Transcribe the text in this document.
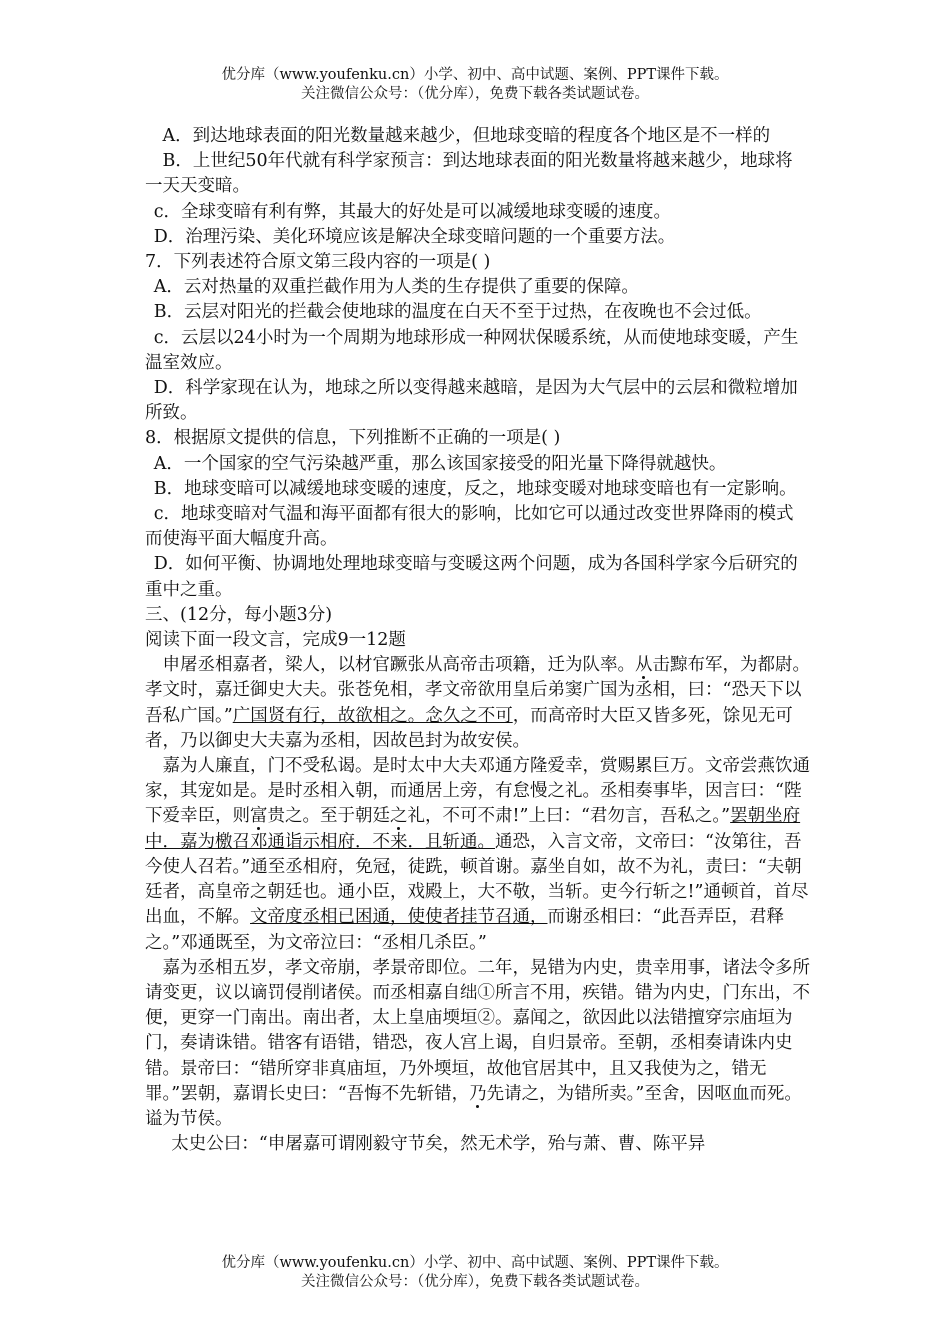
优分库（www.youfenku.cn）小学、初中、高中试题、案例、PPT课件下载。
关注微信公众号：（优分库），免费下载各类试题试卷。

A．到达地球表面的阳光数量越来越少，但地球变暗的程度各个地区是不一样的

B．上世纪50年代就有科学家预言：到达地球表面的阳光数量将越来越少，地球将一天天变暗。

c．全球变暗有利有弊，其最大的好处是可以减缓地球变暖的速度。

D．治理污染、美化环境应该是解决全球变暗问题的一个重要方法。

7．下列表述符合原文第三段内容的一项是( )

A．云对热量的双重拦截作用为人类的生存提供了重要的保障。

B．云层对阳光的拦截会使地球的温度在白天不至于过热，在夜晚也不会过低。

c．云层以24小时为一个周期为地球形成一种网状保暖系统，从而使地球变暖，产生温室效应。

D．科学家现在认为，地球之所以变得越来越暗，是因为大气层中的云层和微粒增加所致。

8．根据原文提供的信息，下列推断不正确的一项是( )

A．一个国家的空气污染越严重，那么该国家接受的阳光量下降得就越快。

B．地球变暗可以减缓地球变暖的速度，反之，地球变暖对地球变暗也有一定影响。

c．地球变暗对气温和海平面都有很大的影响，比如它可以通过改变世界降雨的模式而使海平面大幅度升高。

D．如何平衡、协调地处理地球变暗与变暖这两个问题，成为各国科学家今后研究的重中之重。

三、(12分，每小题3分)

阅读下面一段文言，完成9一12题

申屠丞相嘉者，梁人，以材官蹶张从高帝击项籍，迁为队率。从击黥布军，为都尉。孝文时，嘉迁御史大夫。张苍免相，孝文帝欲用皇后弟窦广国为丞相，曰：“恐天下以吾私广国。”广国贤有行，故欲相之。念久之不可，而高帝时大臣又皆多死，馀见无可者，乃以御史大夫嘉为丞相，因故邑封为故安侯。

嘉为人廉直，门不受私谒。是时太中大夫邓通方隆爱幸，赏赐累巨万。文帝尝燕饮通家，其宠如是。是时丞相入朝，而通居上旁，有怠慢之礼。丞相奏事毕，因言曰：“陛下爱幸臣，则富贵之。至于朝廷之礼，不可不肃!”上曰：“君勿言，吾私之。”罢朝坐府中．嘉为檄召邓通诣示相府．不来．且斩通。通恐，入言文帝，文帝曰：“汝第往，吾今使人召若。”通至丞相府，免冠，徒跣，顿首谢。嘉坐自如，故不为礼，责曰：“夫朝廷者，高皇帝之朝廷也。通小臣，戏殿上，大不敬，当斩。吏今行斩之!”通顿首，首尽出血，不解。文帝度丞相已困通，使使者挂节召通，而谢丞相曰：“此吾弄臣，君释之。”邓通既至，为文帝泣曰：“丞相几杀臣。”

嘉为丞相五岁，孝文帝崩，孝景帝即位。二年，晃错为内史，贵幸用事，诸法令多所请变更，议以谪罚侵削诸侯。而丞相嘉自绌①所言不用，疾错。错为内史，门东出，不便，更穿一门南出。南出者，太上皇庙堧垣②。嘉闻之，欲因此以法错擅穿宗庙垣为门，奏请诛错。错客有语错，错恐，夜人宫上谒，自归景帝。至朝，丞相奏请诛内史错。景帝曰：“错所穿非真庙垣，乃外堧垣，故他官居其中，且又我使为之，错无罪。”罢朝，嘉谓长史曰：“吾悔不先斩错，乃先请之，为错所卖。”至舍，因呕血而死。谥为节侯。

太史公曰：“申屠嘉可谓刚毅守节矣，然无术学，殆与萧、曹、陈平异

优分库（www.youfenku.cn）小学、初中、高中试题、案例、PPT课件下载。
关注微信公众号：（优分库），免费下载各类试题试卷。
